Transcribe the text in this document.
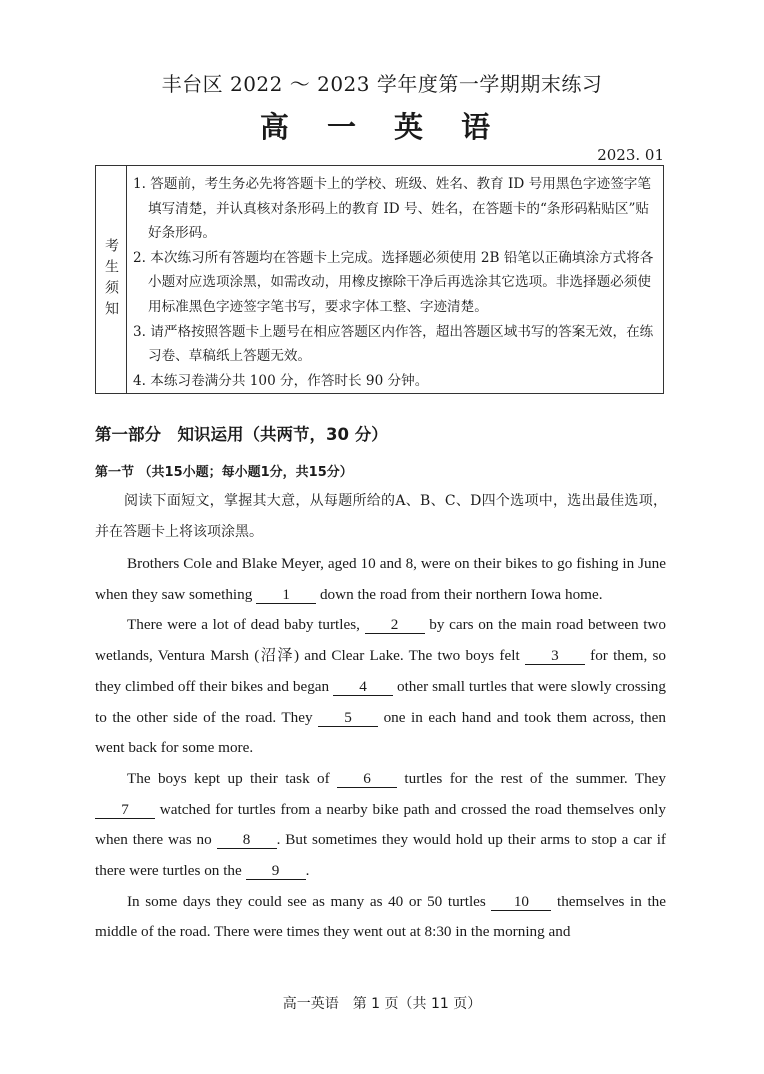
丰台区 2022 ～ 2023 学年度第一学期期末练习
高 一 英 语
2023. 01
考生须知
1. 答题前，考生务必先将答题卡上的学校、班级、姓名、教育 ID 号用黑色字迹签字笔填写清楚，并认真核对条形码上的教育 ID 号、姓名，在答题卡的“条形码粘贴区”贴好条形码。
2. 本次练习所有答题均在答题卡上完成。选择题必须使用 2B 铅笔以正确填涂方式将各小题对应选项涂黑，如需改动，用橡皮擦除干净后再选涂其它选项。非选择题必须使用标准黑色字迹签字笔书写，要求字体工整、字迹清楚。
3. 请严格按照答题卡上题号在相应答题区内作答，超出答题区域书写的答案无效，在练习卷、草稿纸上答题无效。
4. 本练习卷满分共 100 分，作答时长 90 分钟。
第一部分　知识运用（共两节，30 分）
第一节 （共15小题；每小题1分，共15分）
阅读下面短文，掌握其大意，从每题所给的A、B、C、D四个选项中，选出最佳选项，并在答题卡上将该项涂黑。

Brothers Cole and Blake Meyer, aged 10 and 8, were on their bikes to go fishing in June when they saw something 1 down the road from their northern Iowa home.

There were a lot of dead baby turtles, 2 by cars on the main road between two wetlands, Ventura Marsh (沼泽) and Clear Lake. The two boys felt 3 for them, so they climbed off their bikes and began 4 other small turtles that were slowly crossing to the other side of the road. They 5 one in each hand and took them across, then went back for some more.

The boys kept up their task of 6 turtles for the rest of the summer. They 7 watched for turtles from a nearby bike path and crossed the road themselves only when there was no 8 . But sometimes they would hold up their arms to stop a car if there were turtles on the 9 .

In some days they could see as many as 40 or 50 turtles 10 themselves in the middle of the road. There were times they went out at 8:30 in the morning and

高一英语　第 1 页（共 11 页）
